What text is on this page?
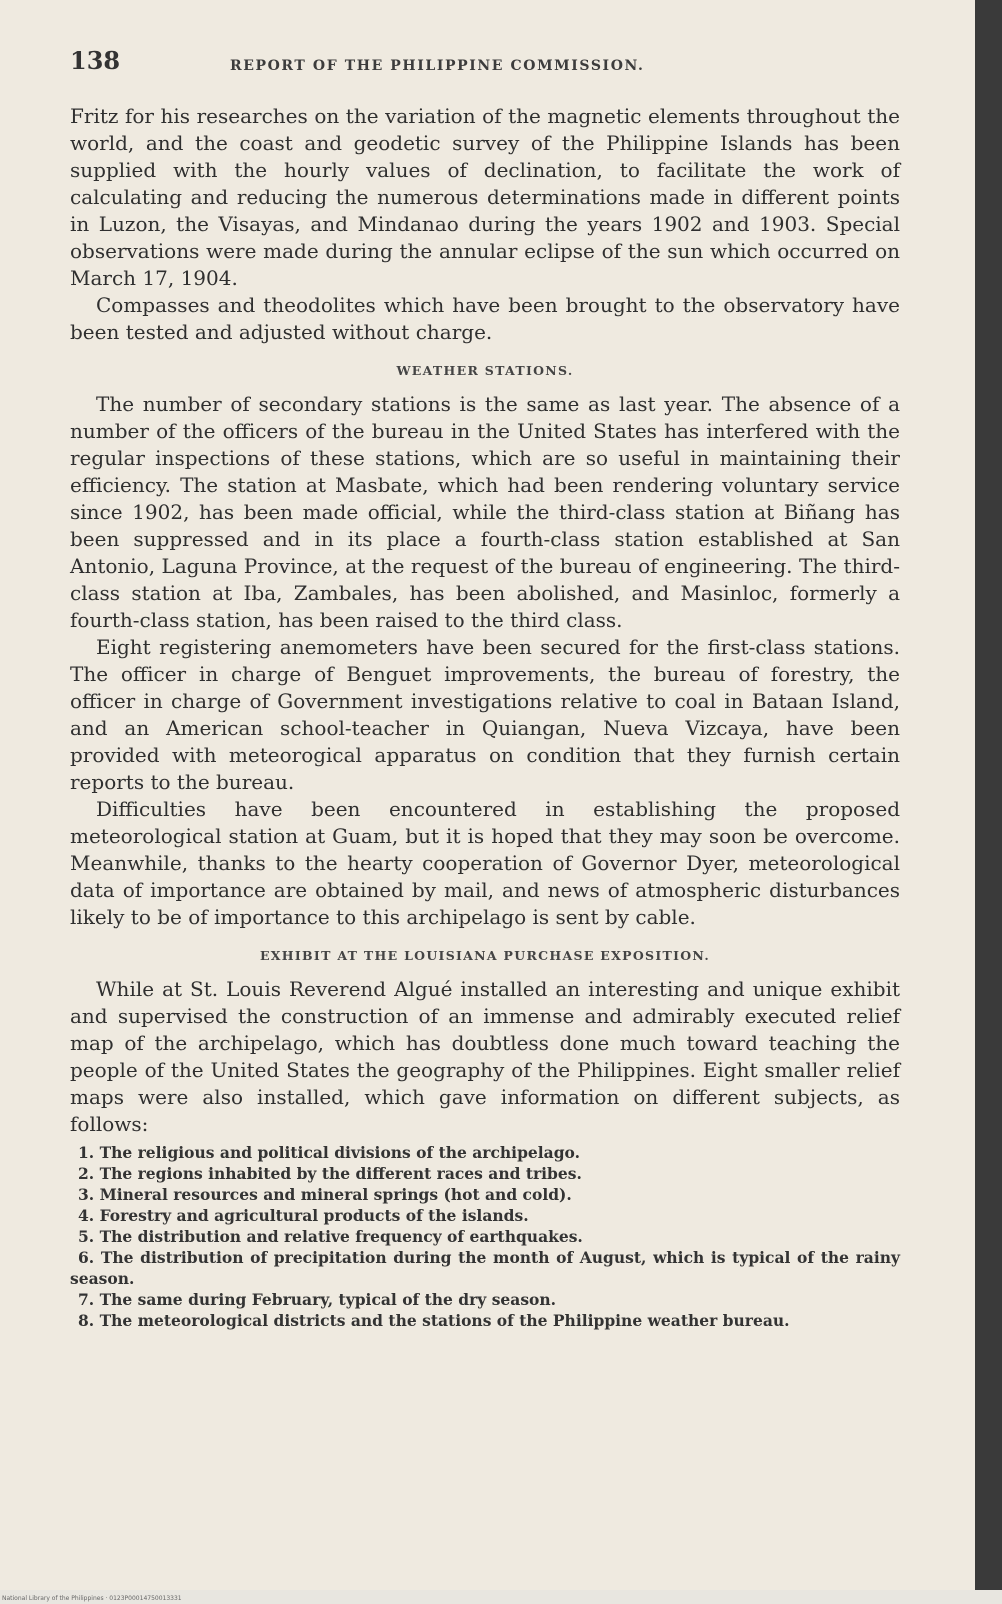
138	REPORT OF THE PHILIPPINE COMMISSION.

Fritz for his researches on the variation of the magnetic elements throughout the world, and the coast and geodetic survey of the Philippine Islands has been supplied with the hourly values of declination, to facilitate the work of calculating and reducing the numerous determinations made in different points in Luzon, the Visayas, and Mindanao during the years 1902 and 1903. Special observations were made during the annular eclipse of the sun which occurred on March 17, 1904.

Compasses and theodolites which have been brought to the observatory have been tested and adjusted without charge.

WEATHER STATIONS.

The number of secondary stations is the same as last year. The absence of a number of the officers of the bureau in the United States has interfered with the regular inspections of these stations, which are so useful in maintaining their efficiency. The station at Masbate, which had been rendering voluntary service since 1902, has been made official, while the third-class station at Biñang has been suppressed and in its place a fourth-class station established at San Antonio, Laguna Province, at the request of the bureau of engineering. The third-class station at Iba, Zambales, has been abolished, and Masinloc, formerly a fourth-class station, has been raised to the third class.

Eight registering anemometers have been secured for the first-class stations. The officer in charge of Benguet improvements, the bureau of forestry, the officer in charge of Government investigations relative to coal in Bataan Island, and an American school-teacher in Quiangan, Nueva Vizcaya, have been provided with meteorogical apparatus on condition that they furnish certain reports to the bureau.

Difficulties have been encountered in establishing the proposed meteorological station at Guam, but it is hoped that they may soon be overcome. Meanwhile, thanks to the hearty cooperation of Governor Dyer, meteorological data of importance are obtained by mail, and news of atmospheric disturbances likely to be of importance to this archipelago is sent by cable.

EXHIBIT AT THE LOUISIANA PURCHASE EXPOSITION.

While at St. Louis Reverend Algué installed an interesting and unique exhibit and supervised the construction of an immense and admirably executed relief map of the archipelago, which has doubtless done much toward teaching the people of the United States the geography of the Philippines. Eight smaller relief maps were also installed, which gave information on different subjects, as follows:

1. The religious and political divisions of the archipelago.
2. The regions inhabited by the different races and tribes.
3. Mineral resources and mineral springs (hot and cold).
4. Forestry and agricultural products of the islands.
5. The distribution and relative frequency of earthquakes.
6. The distribution of precipitation during the month of August, which is typical of the rainy season.
7. The same during February, typical of the dry season.
8. The meteorological districts and the stations of the Philippine weather bureau.
National Library of the Philippines · 0123P00014750013331
